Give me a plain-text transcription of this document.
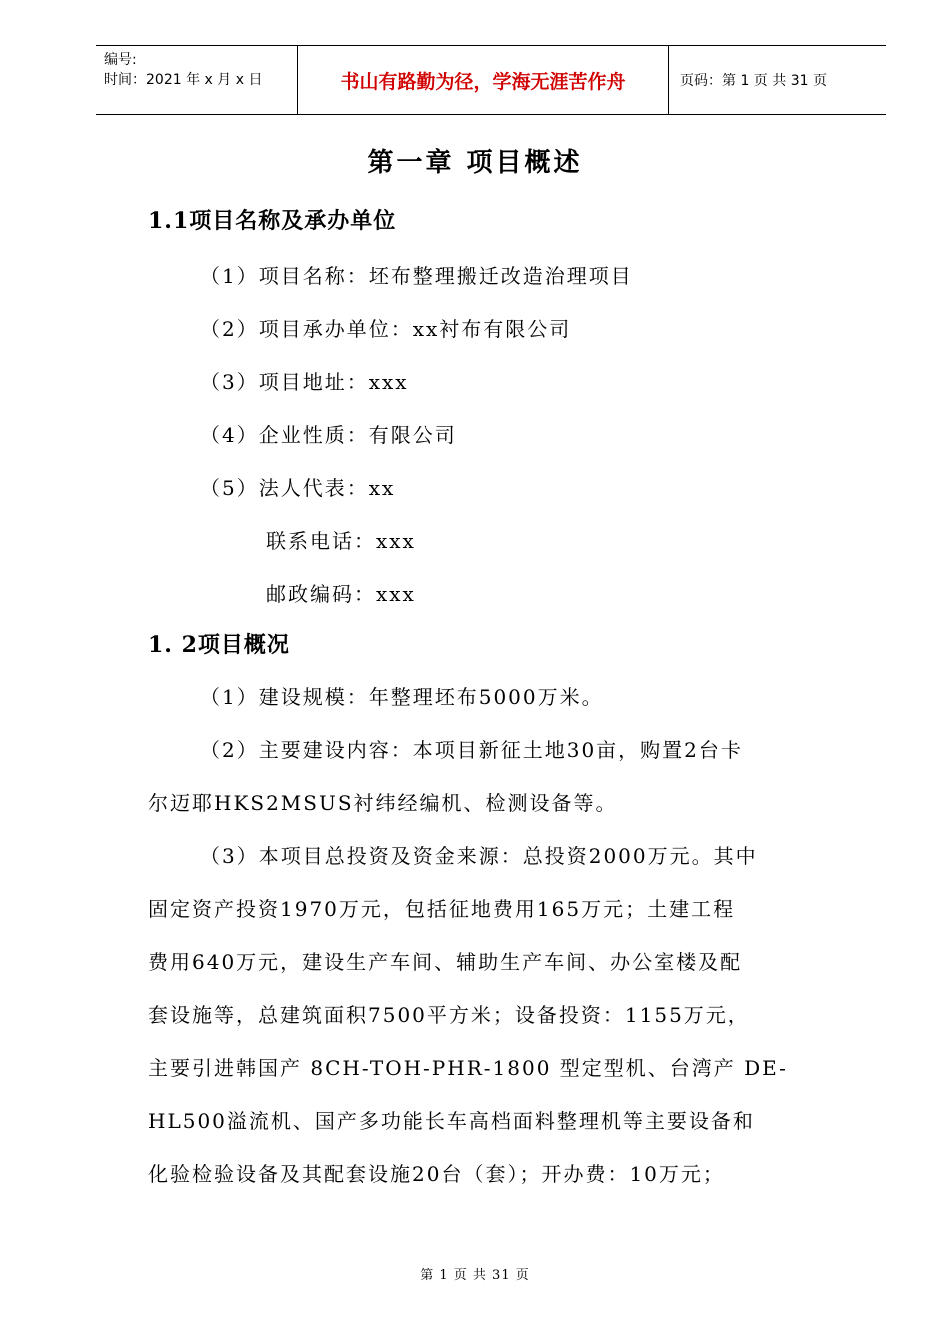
编号:
时间：2021 年 x 月 x 日	书山有路勤为径，学海无涯苦作舟	页码：第 1 页 共 31 页
第一章 项目概述
1.1项目名称及承办单位
（1）项目名称：坯布整理搬迁改造治理项目
（2）项目承办单位：xx衬布有限公司
（3）项目地址：xxx
（4）企业性质：有限公司
（5）法人代表：xx
联系电话：xxx
邮政编码：xxx
1. 2项目概况
（1）建设规模：年整理坯布5000万米。
（2）主要建设内容：本项目新征土地30亩，购置2台卡
尔迈耶HKS2MSUS衬纬经编机、检测设备等。
（3）本项目总投资及资金来源：总投资2000万元。其中
固定资产投资1970万元，包括征地费用165万元；土建工程
费用640万元，建设生产车间、辅助生产车间、办公室楼及配
套设施等，总建筑面积7500平方米；设备投资：1155万元，
主要引进韩国产 8CH-TOH-PHR-1800 型定型机、台湾产 DE-
HL500溢流机、国产多功能长车高档面料整理机等主要设备和
化验检验设备及其配套设施20台（套）；开办费：10万元；
第 1 页 共 31 页
